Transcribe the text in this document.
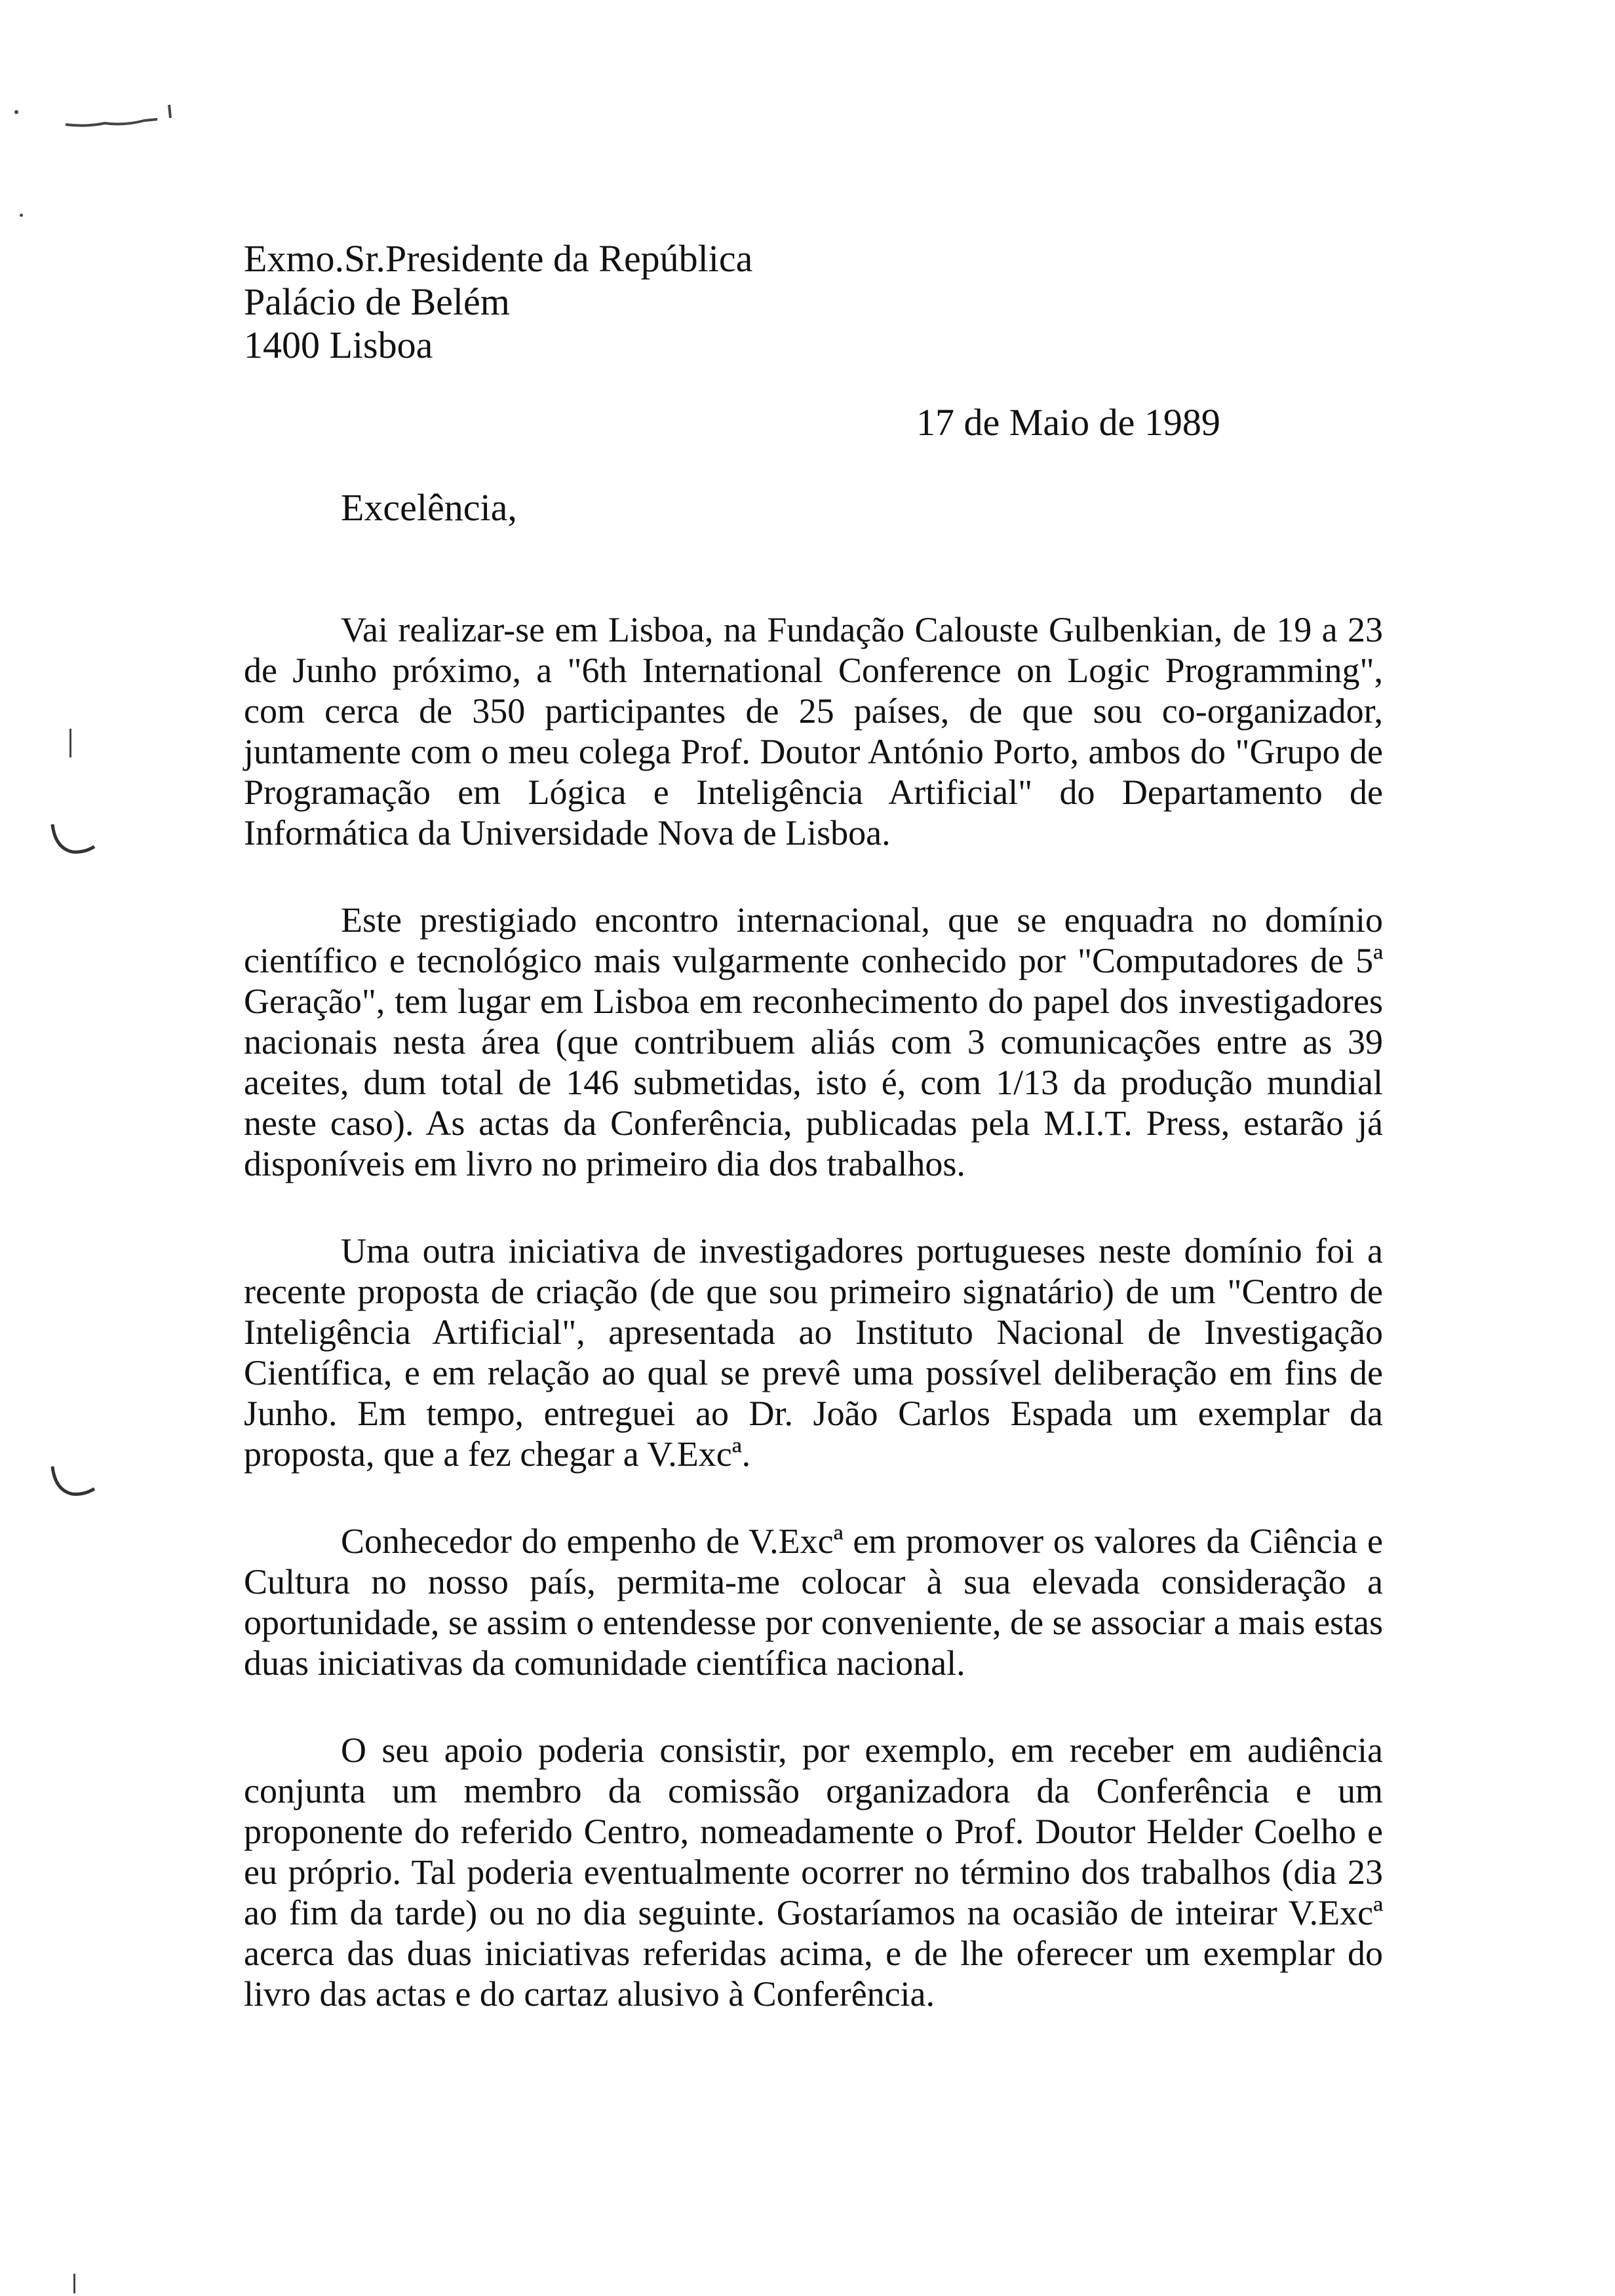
Exmo.Sr.Presidente da República
Palácio de Belém
1400 Lisboa
17 de Maio de 1989
Excelência,

Vai realizar-se em Lisboa, na Fundação Calouste Gulbenkian, de 19 a 23 de Junho próximo, a "6th International Conference on Logic Programming", com cerca de 350 participantes de 25 países, de que sou co-organizador, juntamente com o meu colega Prof. Doutor António Porto, ambos do "Grupo de Programação em Lógica e Inteligência Artificial" do Departamento de Informática da Universidade Nova de Lisboa.

Este prestigiado encontro internacional, que se enquadra no domínio científico e tecnológico mais vulgarmente conhecido por "Computadores de 5ª Geração", tem lugar em Lisboa em reconhecimento do papel dos investigadores nacionais nesta área (que contribuem aliás com 3 comunicações entre as 39 aceites, dum total de 146 submetidas, isto é, com 1/13 da produção mundial neste caso). As actas da Conferência, publicadas pela M.I.T. Press, estarão já disponíveis em livro no primeiro dia dos trabalhos.

Uma outra iniciativa de investigadores portugueses neste domínio foi a recente proposta de criação (de que sou primeiro signatário) de um "Centro de Inteligência Artificial", apresentada ao Instituto Nacional de Investigação Científica, e em relação ao qual se prevê uma possível deliberação em fins de Junho. Em tempo, entreguei ao Dr. João Carlos Espada um exemplar da proposta, que a fez chegar a V.Excª.

Conhecedor do empenho de V.Excª em promover os valores da Ciência e Cultura no nosso país, permita-me colocar à sua elevada consideração a oportunidade, se assim o entendesse por conveniente, de se associar a mais estas duas iniciativas da comunidade científica nacional.

O seu apoio poderia consistir, por exemplo, em receber em audiência conjunta um membro da comissão organizadora da Conferência e um proponente do referido Centro, nomeadamente o Prof. Doutor Helder Coelho e eu próprio. Tal poderia eventualmente ocorrer no término dos trabalhos (dia 23 ao fim da tarde) ou no dia seguinte. Gostaríamos na ocasião de inteirar V.Excª acerca das duas iniciativas referidas acima, e de lhe oferecer um exemplar do livro das actas e do cartaz alusivo à Conferência.
